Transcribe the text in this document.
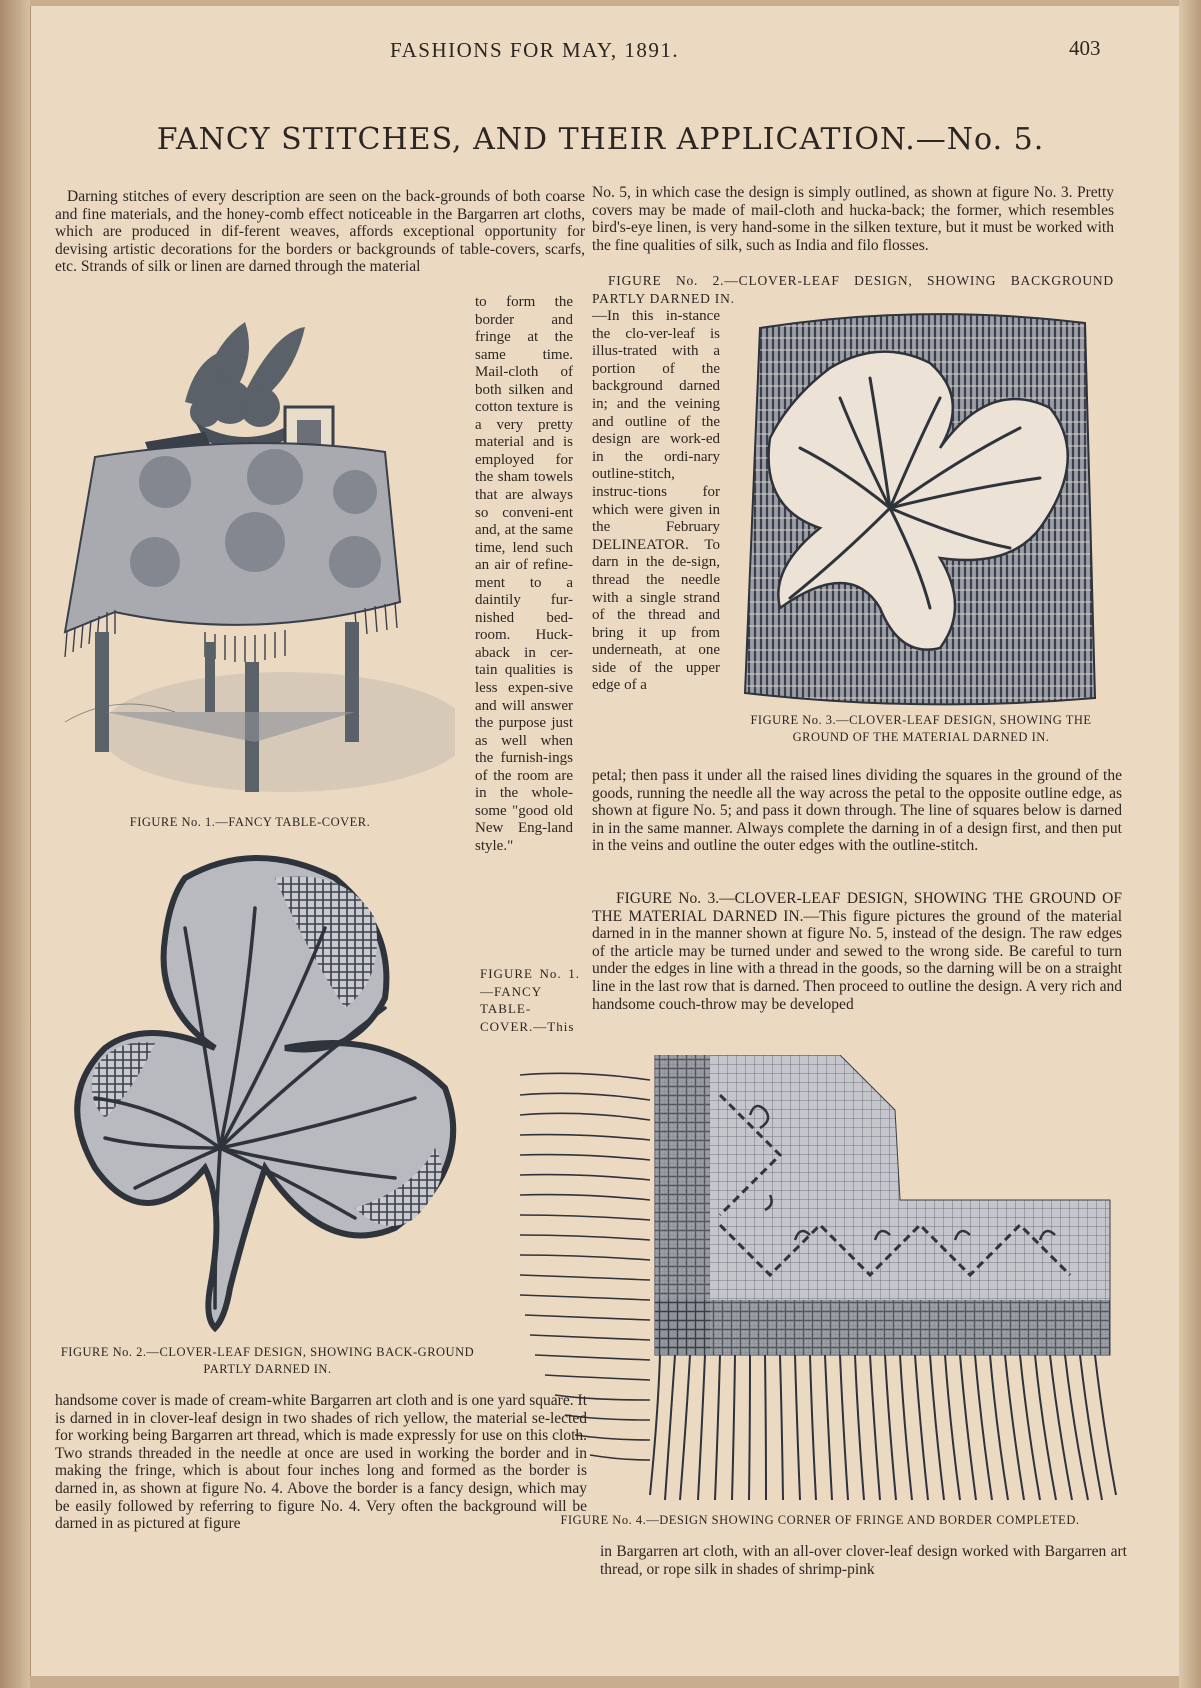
FASHIONS FOR MAY, 1891.	403
FANCY STITCHES, AND THEIR APPLICATION.—No. 5.

Darning stitches of every description are seen on the back-grounds of both coarse and fine materials, and the honey-comb effect noticeable in the Bargarren art cloths, which are produced in dif-ferent weaves, affords exceptional opportunity for devising artistic decorations for the borders or backgrounds of table-covers, scarfs, etc. Strands of silk or linen are darned through the material

FIGURE No. 1.—FANCY TABLE-COVER.

to form the border and fringe at the same time. Mail-cloth of both silken and cotton texture is a very pretty material and is employed for the sham towels that are always so conveni-ent and, at the same time, lend such an air of refine-ment to a daintily fur-nished bed-room. Huck-aback in cer-tain qualities is less expen-sive and will answer the purpose just as well when the furnish-ings of the room are in the whole-some "good old New Eng-land style."

FIGURE No. 1.—FANCY TABLE-COVER.—This

FIGURE No. 2.—CLOVER-LEAF DESIGN, SHOWING BACK-GROUND PARTLY DARNED IN.

No. 5, in which case the design is simply outlined, as shown at figure No. 3. Pretty covers may be made of mail-cloth and hucka-back; the former, which resembles bird's-eye linen, is very hand-some in the silken texture, but it must be worked with the fine qualities of silk, such as India and filo flosses.

FIGURE No. 2.—CLOVER-LEAF DESIGN, SHOWING BACKGROUND PARTLY DARNED IN.

—In this in-stance the clo-ver-leaf is illus-trated with a portion of the background darned in; and the veining and outline of the design are work-ed in the ordi-nary outline-stitch, instruc-tions for which were given in the February DELINEATOR. To darn in the de-sign, thread the needle with a single strand of the thread and bring it up from underneath, at one side of the upper edge of a

FIGURE No. 3.—CLOVER-LEAF DESIGN, SHOWING THE GROUND OF THE MATERIAL DARNED IN.

petal; then pass it under all the raised lines dividing the squares in the ground of the goods, running the needle all the way across the petal to the opposite outline edge, as shown at figure No. 5; and pass it down through. The line of squares below is darned in in the same manner. Always complete the darning in of a design first, and then put in the veins and outline the outer edges with the outline-stitch.

FIGURE No. 3.—CLOVER-LEAF DESIGN, SHOWING THE GROUND OF THE MATERIAL DARNED IN.—This figure pictures the ground of the material darned in in the manner shown at figure No. 5, instead of the design. The raw edges of the article may be turned under and sewed to the wrong side. Be careful to turn under the edges in line with a thread in the goods, so the darning will be on a straight line in the last row that is darned. Then proceed to outline the design. A very rich and handsome couch-throw may be developed

FIGURE No. 4.—DESIGN SHOWING CORNER OF FRINGE AND BORDER COMPLETED.

handsome cover is made of cream-white Bargarren art cloth and is one yard square. It is darned in in clover-leaf design in two shades of rich yellow, the material se-lected for working being Bargarren art thread, which is made expressly for use on this cloth. Two strands threaded in the needle at once are used in working the border and in making the fringe, which is about four inches long and formed as the border is darned in, as shown at figure No. 4. Above the border is a fancy design, which may be easily followed by referring to figure No. 4. Very often the background will be darned in as pictured at figure

in Bargarren art cloth, with an all-over clover-leaf design worked with Bargarren art thread, or rope silk in shades of shrimp-pink
